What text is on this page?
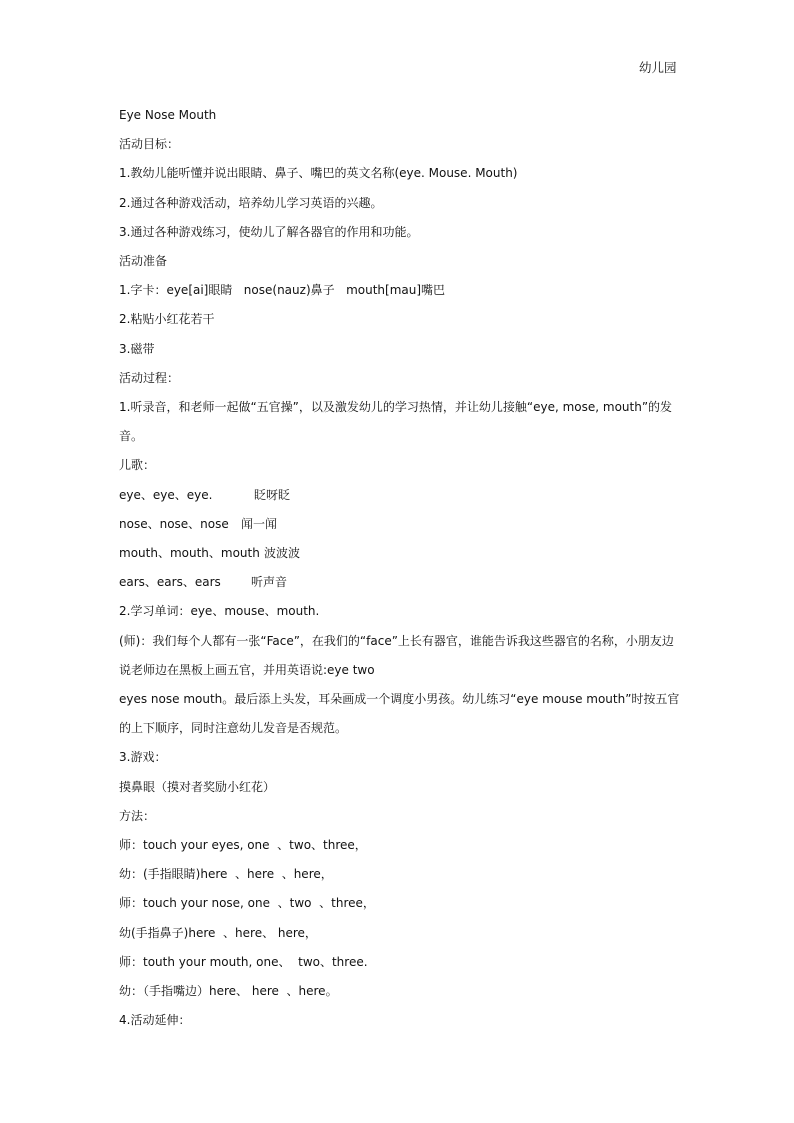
幼儿园
Eye Nose Mouth
活动目标：
1.教幼儿能听懂并说出眼睛、鼻子、嘴巴的英文名称(eye. Mouse. Mouth)
2.通过各种游戏活动，培养幼儿学习英语的兴趣。
3.通过各种游戏练习，使幼儿了解各器官的作用和功能。
活动准备
1.字卡：eye[ai]眼睛   nose(nauz)鼻子   mouth[mau]嘴巴
2.粘贴小红花若干
3.磁带
活动过程：
1.听录音，和老师一起做“五官操”，以及激发幼儿的学习热情，并让幼儿接触“eye, mose, mouth”的发音。
儿歌：
eye、eye、eye.	眨呀眨
nose、nose、nose 闻一闻
mouth、mouth、mouth 波波波
ears、ears、ears	听声音
2.学习单词：eye、mouse、mouth.
(师)：我们每个人都有一张“Face”，在我们的“face”上长有器官，谁能告诉我这些器官的名称，小朋友边说老师边在黑板上画五官，并用英语说:eye two
eyes nose mouth。最后添上头发，耳朵画成一个调度小男孩。幼儿练习“eye mouse mouth”时按五官的上下顺序，同时注意幼儿发音是否规范。
3.游戏：
摸鼻眼（摸对者奖励小红花）
方法：
师：touch your eyes, one  、two、three，
幼：(手指眼睛)here  、here  、here，
师：touch your nose, one  、two  、three，
幼(手指鼻子)here  、here、 here，
师：touth your mouth, one、  two、three.
幼：（手指嘴边）here、 here  、here。
4.活动延伸：
